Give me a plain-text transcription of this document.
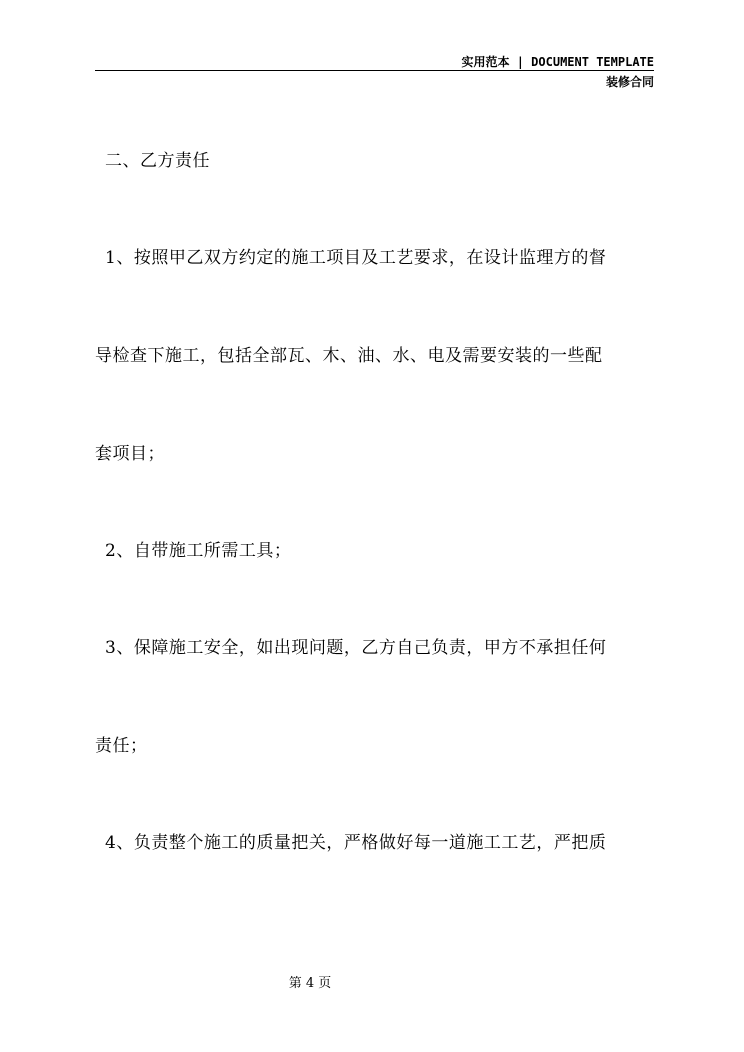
实用范本 | DOCUMENT TEMPLATE
装修合同
二、乙方责任
1、按照甲乙双方约定的施工项目及工艺要求，在设计监理方的督
导检查下施工，包括全部瓦、木、油、水、电及需要安装的一些配
套项目；
2、自带施工所需工具；
3、保障施工安全，如出现问题，乙方自己负责，甲方不承担任何
责任；
4、负责整个施工的质量把关，严格做好每一道施工工艺，严把质
第 4 页
